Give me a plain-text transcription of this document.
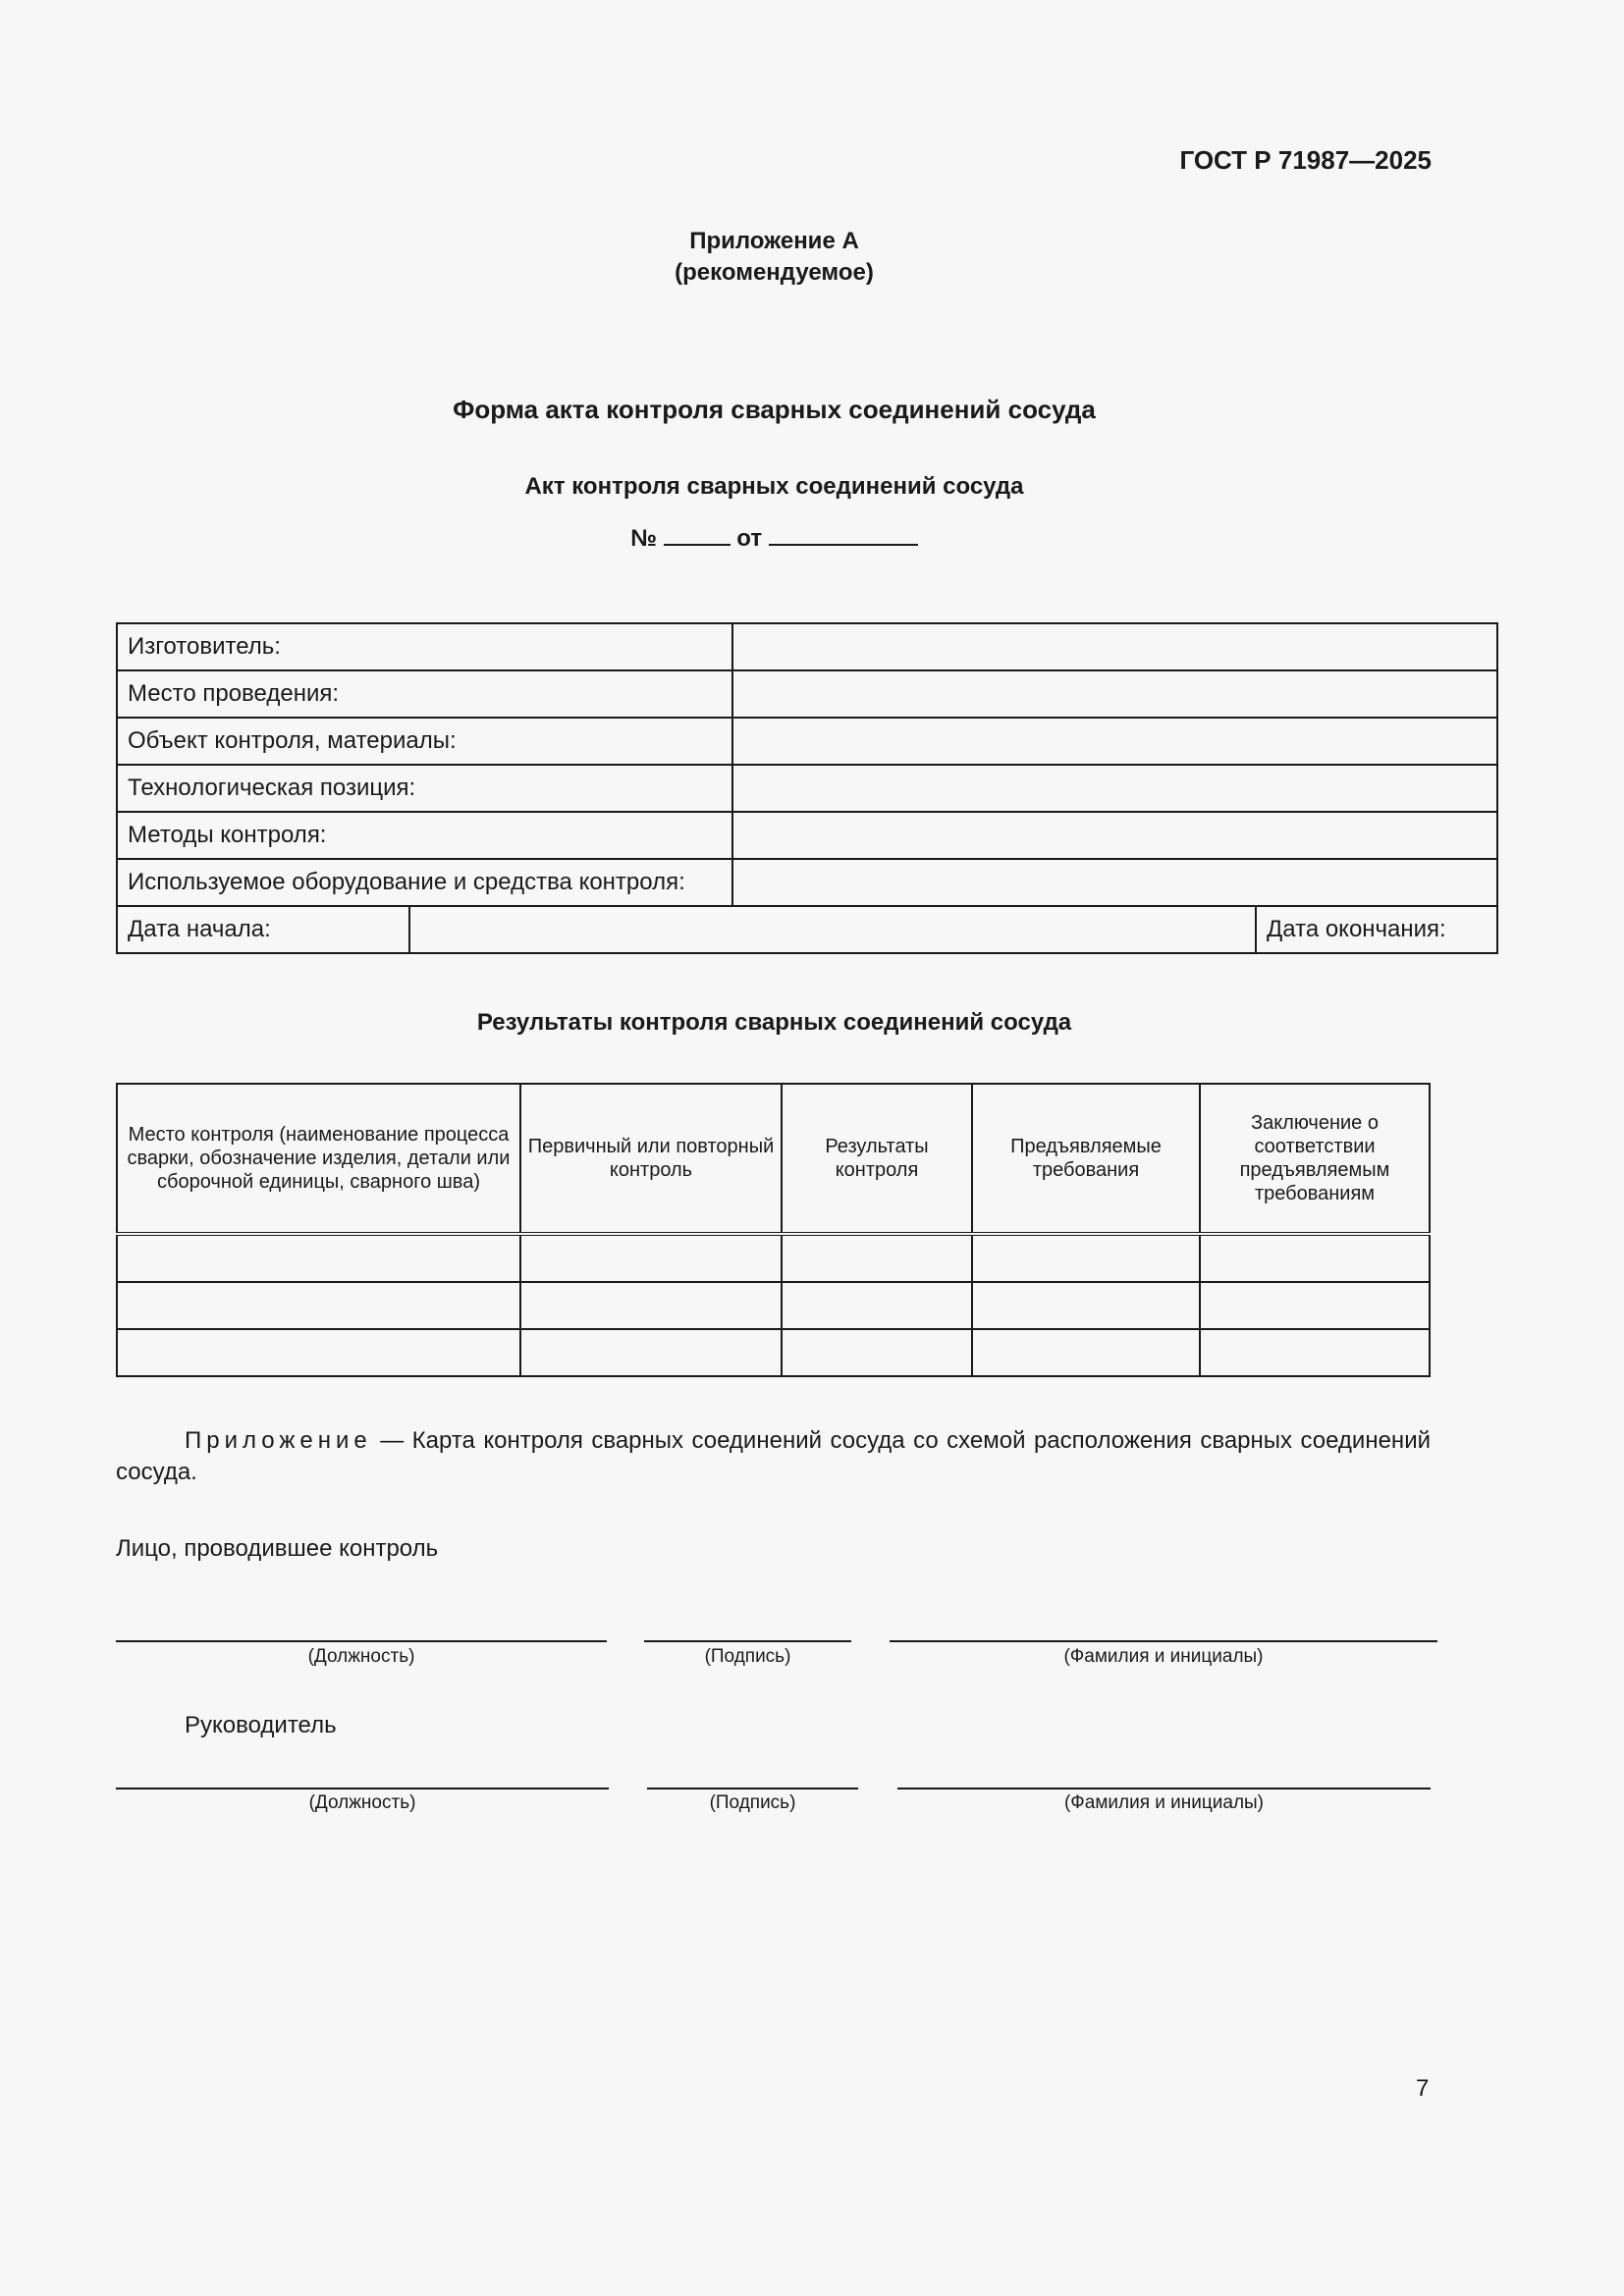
ГОСТ Р 71987—2025
Приложение А
(рекомендуемое)
Форма акта контроля сварных соединений сосуда
Акт контроля сварных соединений сосуда
№	от
Изготовитель:				
Место проведения:				
Объект контроля, материалы:				
Технологическая позиция:				
Методы контроля:				
Используемое оборудование и средства контроля:				
Дата начала:			Дата окончания:	
Результаты контроля сварных соединений сосуда
Место контроля (наименование процесса сварки, обозначение изделия, детали или сборочной единицы, сварного шва)	Первичный или повторный контроль	Результаты контроля	Предъявляемые требования	Заключение о соответствии предъявляемым требованиям

Приложение — Карта контроля сварных соединений сосуда со схемой расположения сварных соединений сосуда.
Лицо, проводившее контроль
(Должность)	(Подпись)	(Фамилия и инициалы)
Руководитель
(Должность)	(Подпись)	(Фамилия и инициалы)
7
